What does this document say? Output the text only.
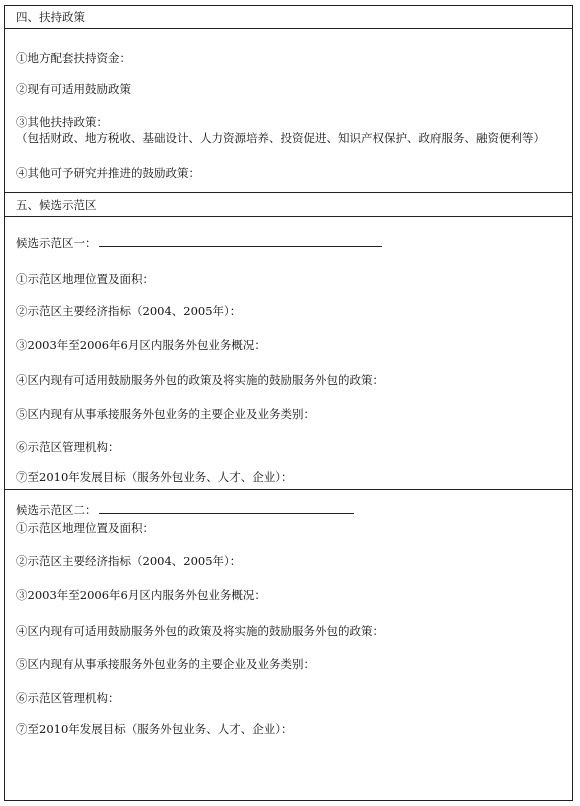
四、扶持政策
①地方配套扶持资金：
②现有可适用鼓励政策
③其他扶持政策：
（包括财政、地方税收、基础设计、人力资源培养、投资促进、知识产权保护、政府服务、融资便利等）
④其他可予研究并推进的鼓励政策：
五、候选示范区
候选示范区一：
①示范区地理位置及面积：
②示范区主要经济指标（2004、2005年）：
③2003年至2006年6月区内服务外包业务概况：
④区内现有可适用鼓励服务外包的政策及将实施的鼓励服务外包的政策：
⑤区内现有从事承接服务外包业务的主要企业及业务类别：
⑥示范区管理机构：
⑦至2010年发展目标（服务外包业务、人才、企业）：
候选示范区二：
①示范区地理位置及面积：
②示范区主要经济指标（2004、2005年）：
③2003年至2006年6月区内服务外包业务概况：
④区内现有可适用鼓励服务外包的政策及将实施的鼓励服务外包的政策：
⑤区内现有从事承接服务外包业务的主要企业及业务类别：
⑥示范区管理机构：
⑦至2010年发展目标（服务外包业务、人才、企业）：
